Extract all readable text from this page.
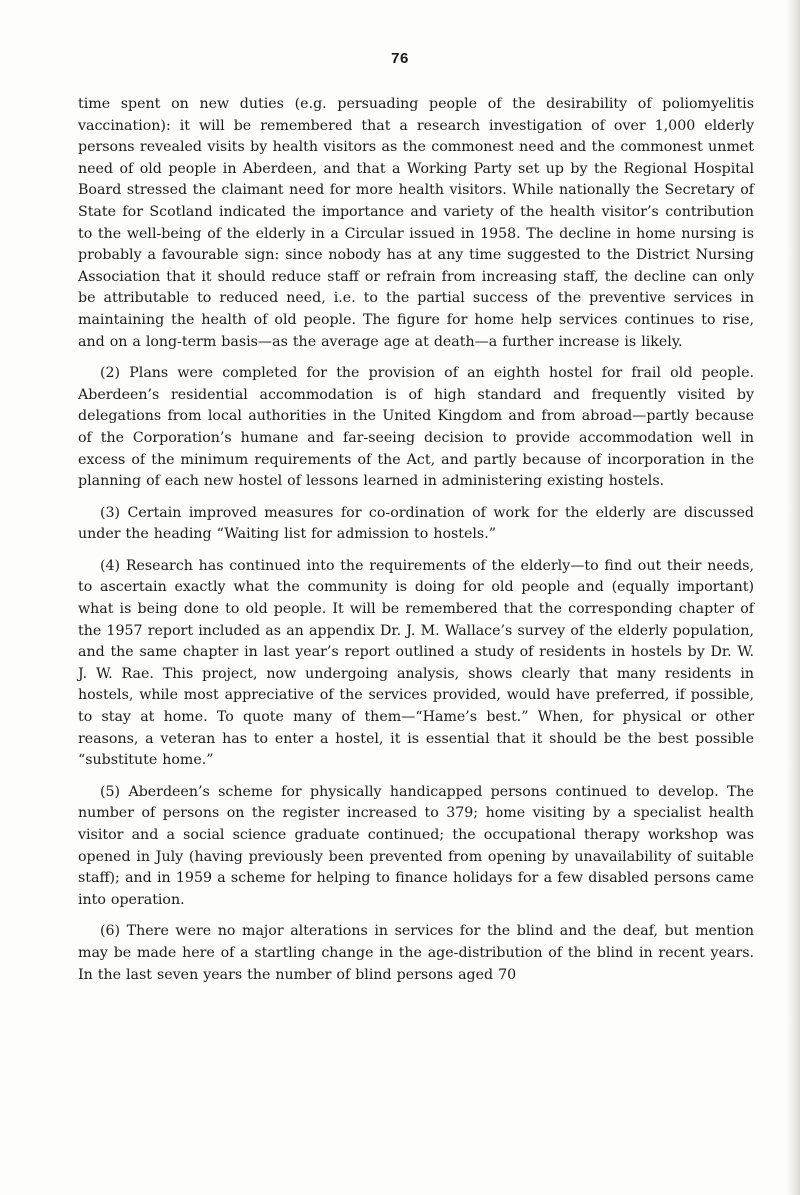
76

time spent on new duties (e.g. persuading people of the desirability of poliomyelitis vaccination): it will be remembered that a research investigation of over 1,000 elderly persons revealed visits by health visitors as the commonest need and the commonest unmet need of old people in Aberdeen, and that a Working Party set up by the Regional Hospital Board stressed the claimant need for more health visitors. While nationally the Secretary of State for Scotland indicated the importance and variety of the health visitor’s contribution to the well-being of the elderly in a Circular issued in 1958. The decline in home nursing is probably a favourable sign: since nobody has at any time suggested to the District Nursing Association that it should reduce staff or refrain from increasing staff, the decline can only be attributable to reduced need, i.e. to the partial success of the preventive services in maintaining the health of old people. The figure for home help services continues to rise, and on a long-term basis—as the average age at death—a further increase is likely.

(2) Plans were completed for the provision of an eighth hostel for frail old people. Aberdeen’s residential accommodation is of high standard and frequently visited by delegations from local authorities in the United Kingdom and from abroad—partly because of the Corporation’s humane and far-seeing decision to provide accommodation well in excess of the minimum requirements of the Act, and partly because of incorporation in the planning of each new hostel of lessons learned in administering existing hostels.

(3) Certain improved measures for co-ordination of work for the elderly are discussed under the heading “Waiting list for admission to hostels.”

(4) Research has continued into the requirements of the elderly—to find out their needs, to ascertain exactly what the community is doing for old people and (equally important) what is being done to old people. It will be remembered that the corresponding chapter of the 1957 report included as an appendix Dr. J. M. Wallace’s survey of the elderly population, and the same chapter in last year’s report outlined a study of residents in hostels by Dr. W. J. W. Rae. This project, now undergoing analysis, shows clearly that many residents in hostels, while most appreciative of the services provided, would have preferred, if possible, to stay at home. To quote many of them—“Hame’s best.” When, for physical or other reasons, a veteran has to enter a hostel, it is essential that it should be the best possible “substitute home.”

(5) Aberdeen’s scheme for physically handicapped persons continued to develop. The number of persons on the register increased to 379; home visiting by a specialist health visitor and a social science graduate continued; the occupational therapy workshop was opened in July (having previously been prevented from opening by unavailability of suitable staff); and in 1959 a scheme for helping to finance holidays for a few disabled persons came into operation.

(6) There were no major alterations in services for the blind and the deaf, but mention may be made here of a startling change in the age-distribution of the blind in recent years. In the last seven years the number of blind persons aged 70
